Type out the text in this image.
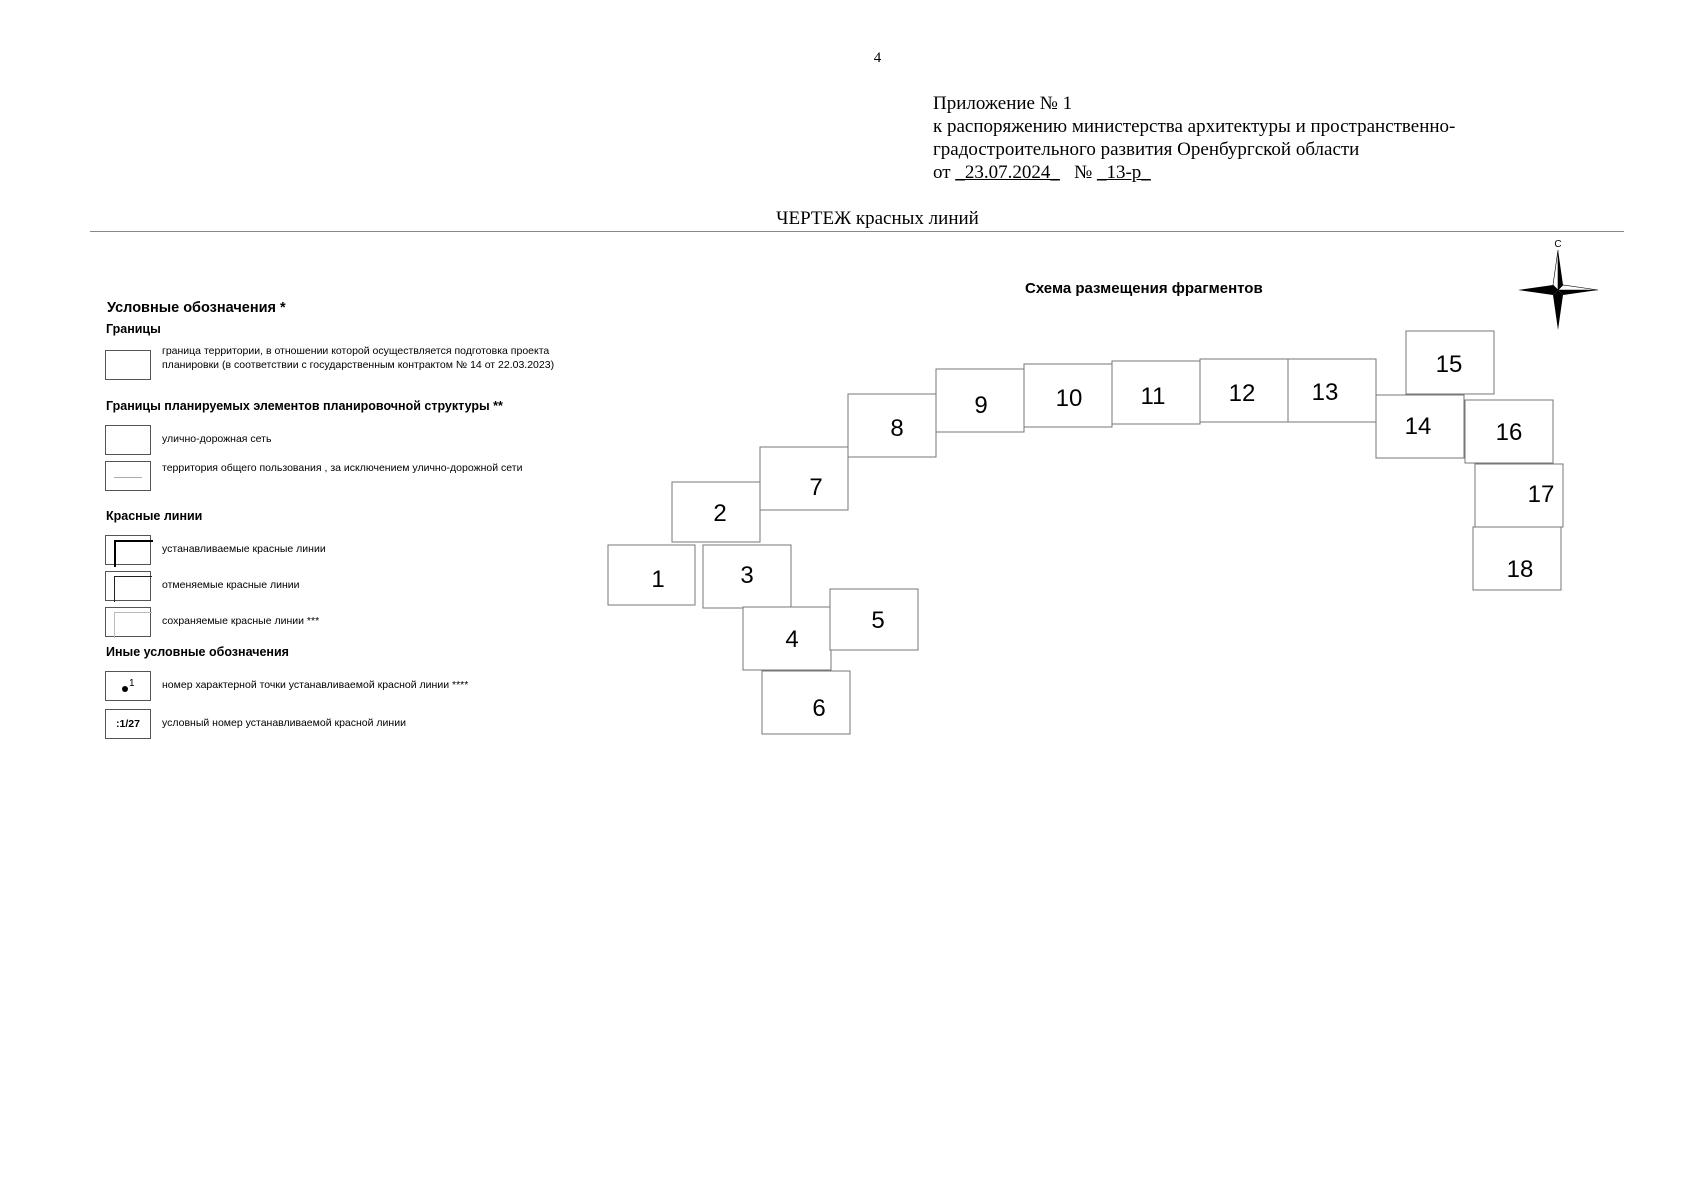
4
Приложение № 1
к распоряжению министерства архитектуры и пространственно-
градостроительного развития Оренбургской области
от _23.07.2024_ № _13-р_
ЧЕРТЕЖ красных линий
Условные обозначения *
Границы
граница территории, в отношении которой осуществляется подготовка проекта планировки (в соответствии с государственным контрактом № 14 от 22.03.2023)
Границы планируемых элементов планировочной структуры **
улично-дорожная сеть
территория общего пользования , за исключением улично-дорожной сети
Красные линии
устанавливаемые красные линии
отменяемые красные линии
сохраняемые красные линии ***
Иные условные обозначения
1	номер характерной точки устанавливаемой красной линии ****
:1/27	условный номер устанавливаемой красной линии
Схема размещения фрагментов
С
1
2
3
4
5
6
7
8
9	10 11	12 13
14
15
16
17
18
